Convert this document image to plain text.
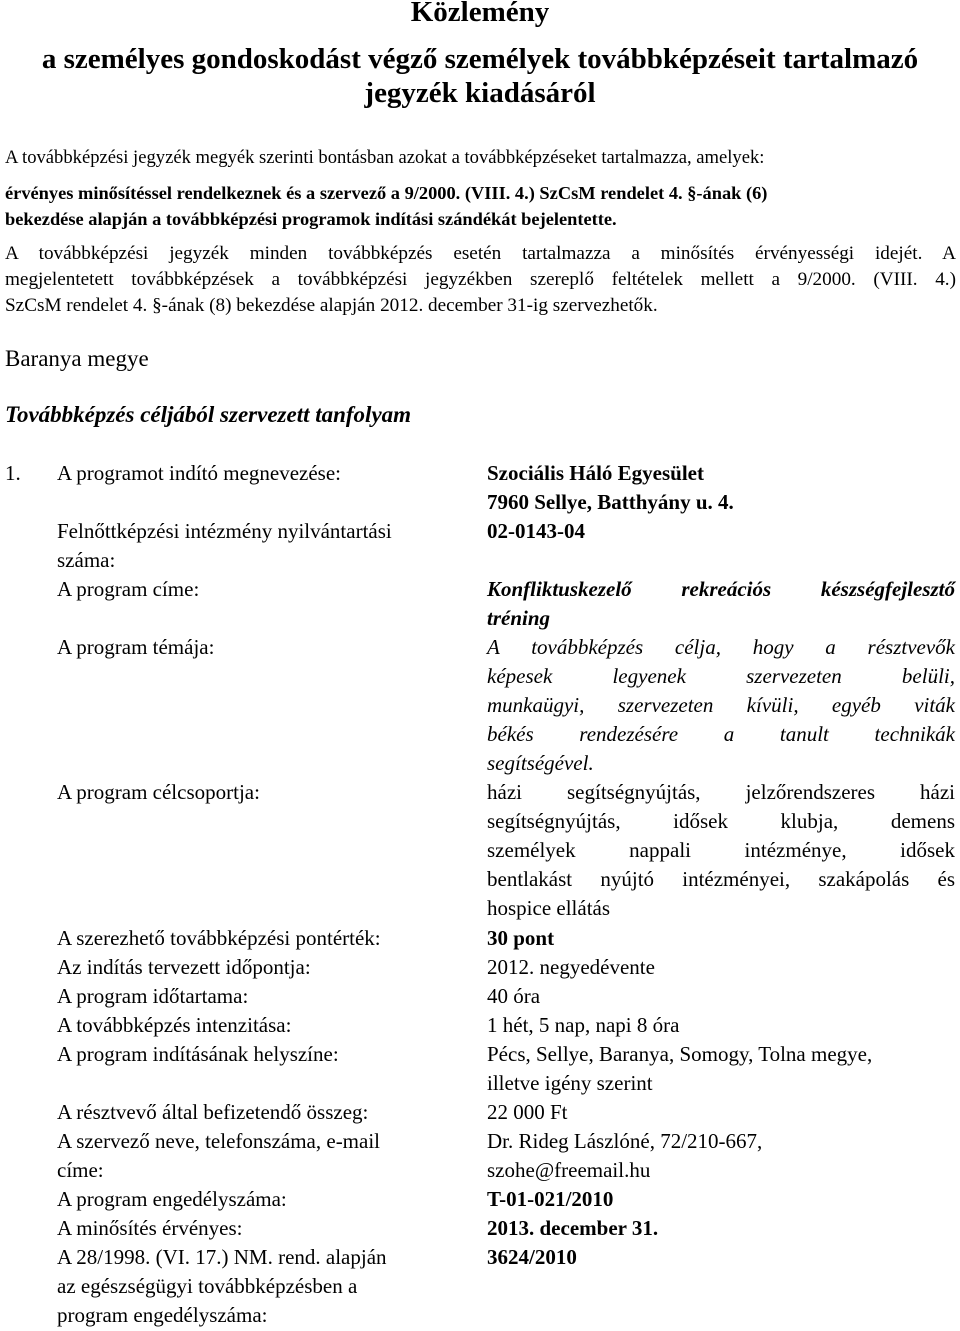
Közlemény
a személyes gondoskodást végző személyek továbbképzéseit tartalmazó
jegyzék kiadásáról
A továbbképzési jegyzék megyék szerinti bontásban azokat a továbbképzéseket tartalmazza, amelyek:
érvényes minősítéssel rendelkeznek és a szervező a 9/2000. (VIII. 4.) SzCsM rendelet 4. §-ának (6)
bekezdése alapján a továbbképzési programok indítási szándékát bejelentette.

A továbbképzési jegyzék minden továbbképzés esetén tartalmazza a minősítés érvényességi idejét. A

megjelentetett továbbképzések a továbbképzési jegyzékben szereplő feltételek mellett a 9/2000. (VIII. 4.)

SzCsM rendelet 4. §-ának (8) bekezdése alapján 2012. december 31-ig szervezhetők.
Baranya megye
Továbbképzés céljából szervezett tanfolyam
1. A programot indító megnevezése:	Szociális Háló Egyesület
7960 Sellye, Batthyány u. 4.
Felnőttképzési intézmény nyilvántartási
száma:
02-0143-04
A program címe:	Konfliktuskezelő rekreációs készségfejlesztő
tréning
A program témája:	A továbbképzés célja, hogy a résztvevők
képesek legyenek szervezeten belüli,
munkaügyi, szervezeten kívüli, egyéb viták
békés rendezésére a tanult technikák
segítségével.
A program célcsoportja:	házi segítségnyújtás, jelzőrendszeres házi
segítségnyújtás, idősek klubja, demens
személyek nappali intézménye, idősek
bentlakást nyújtó intézményei, szakápolás és
hospice ellátás
A szerezhető továbbképzési pontérték:	30 pont
Az indítás tervezett időpontja:	2012. negyedévente
A program időtartama:	40 óra
A továbbképzés intenzitása:	1 hét, 5 nap, napi 8 óra
A program indításának helyszíne:	Pécs, Sellye, Baranya, Somogy, Tolna megye,
illetve igény szerint
A résztvevő által befizetendő összeg:	22 000 Ft
A szervező neve, telefonszáma, e-mail
címe:
Dr. Rideg Lászlóné, 72/210-667,
szohe@freemail.hu
A program engedélyszáma:	T-01-021/2010
A minősítés érvényes:	2013. december 31.
A 28/1998. (VI. 17.) NM. rend. alapján
az egészségügyi továbbképzésben a
program engedélyszáma:
3624/2010
